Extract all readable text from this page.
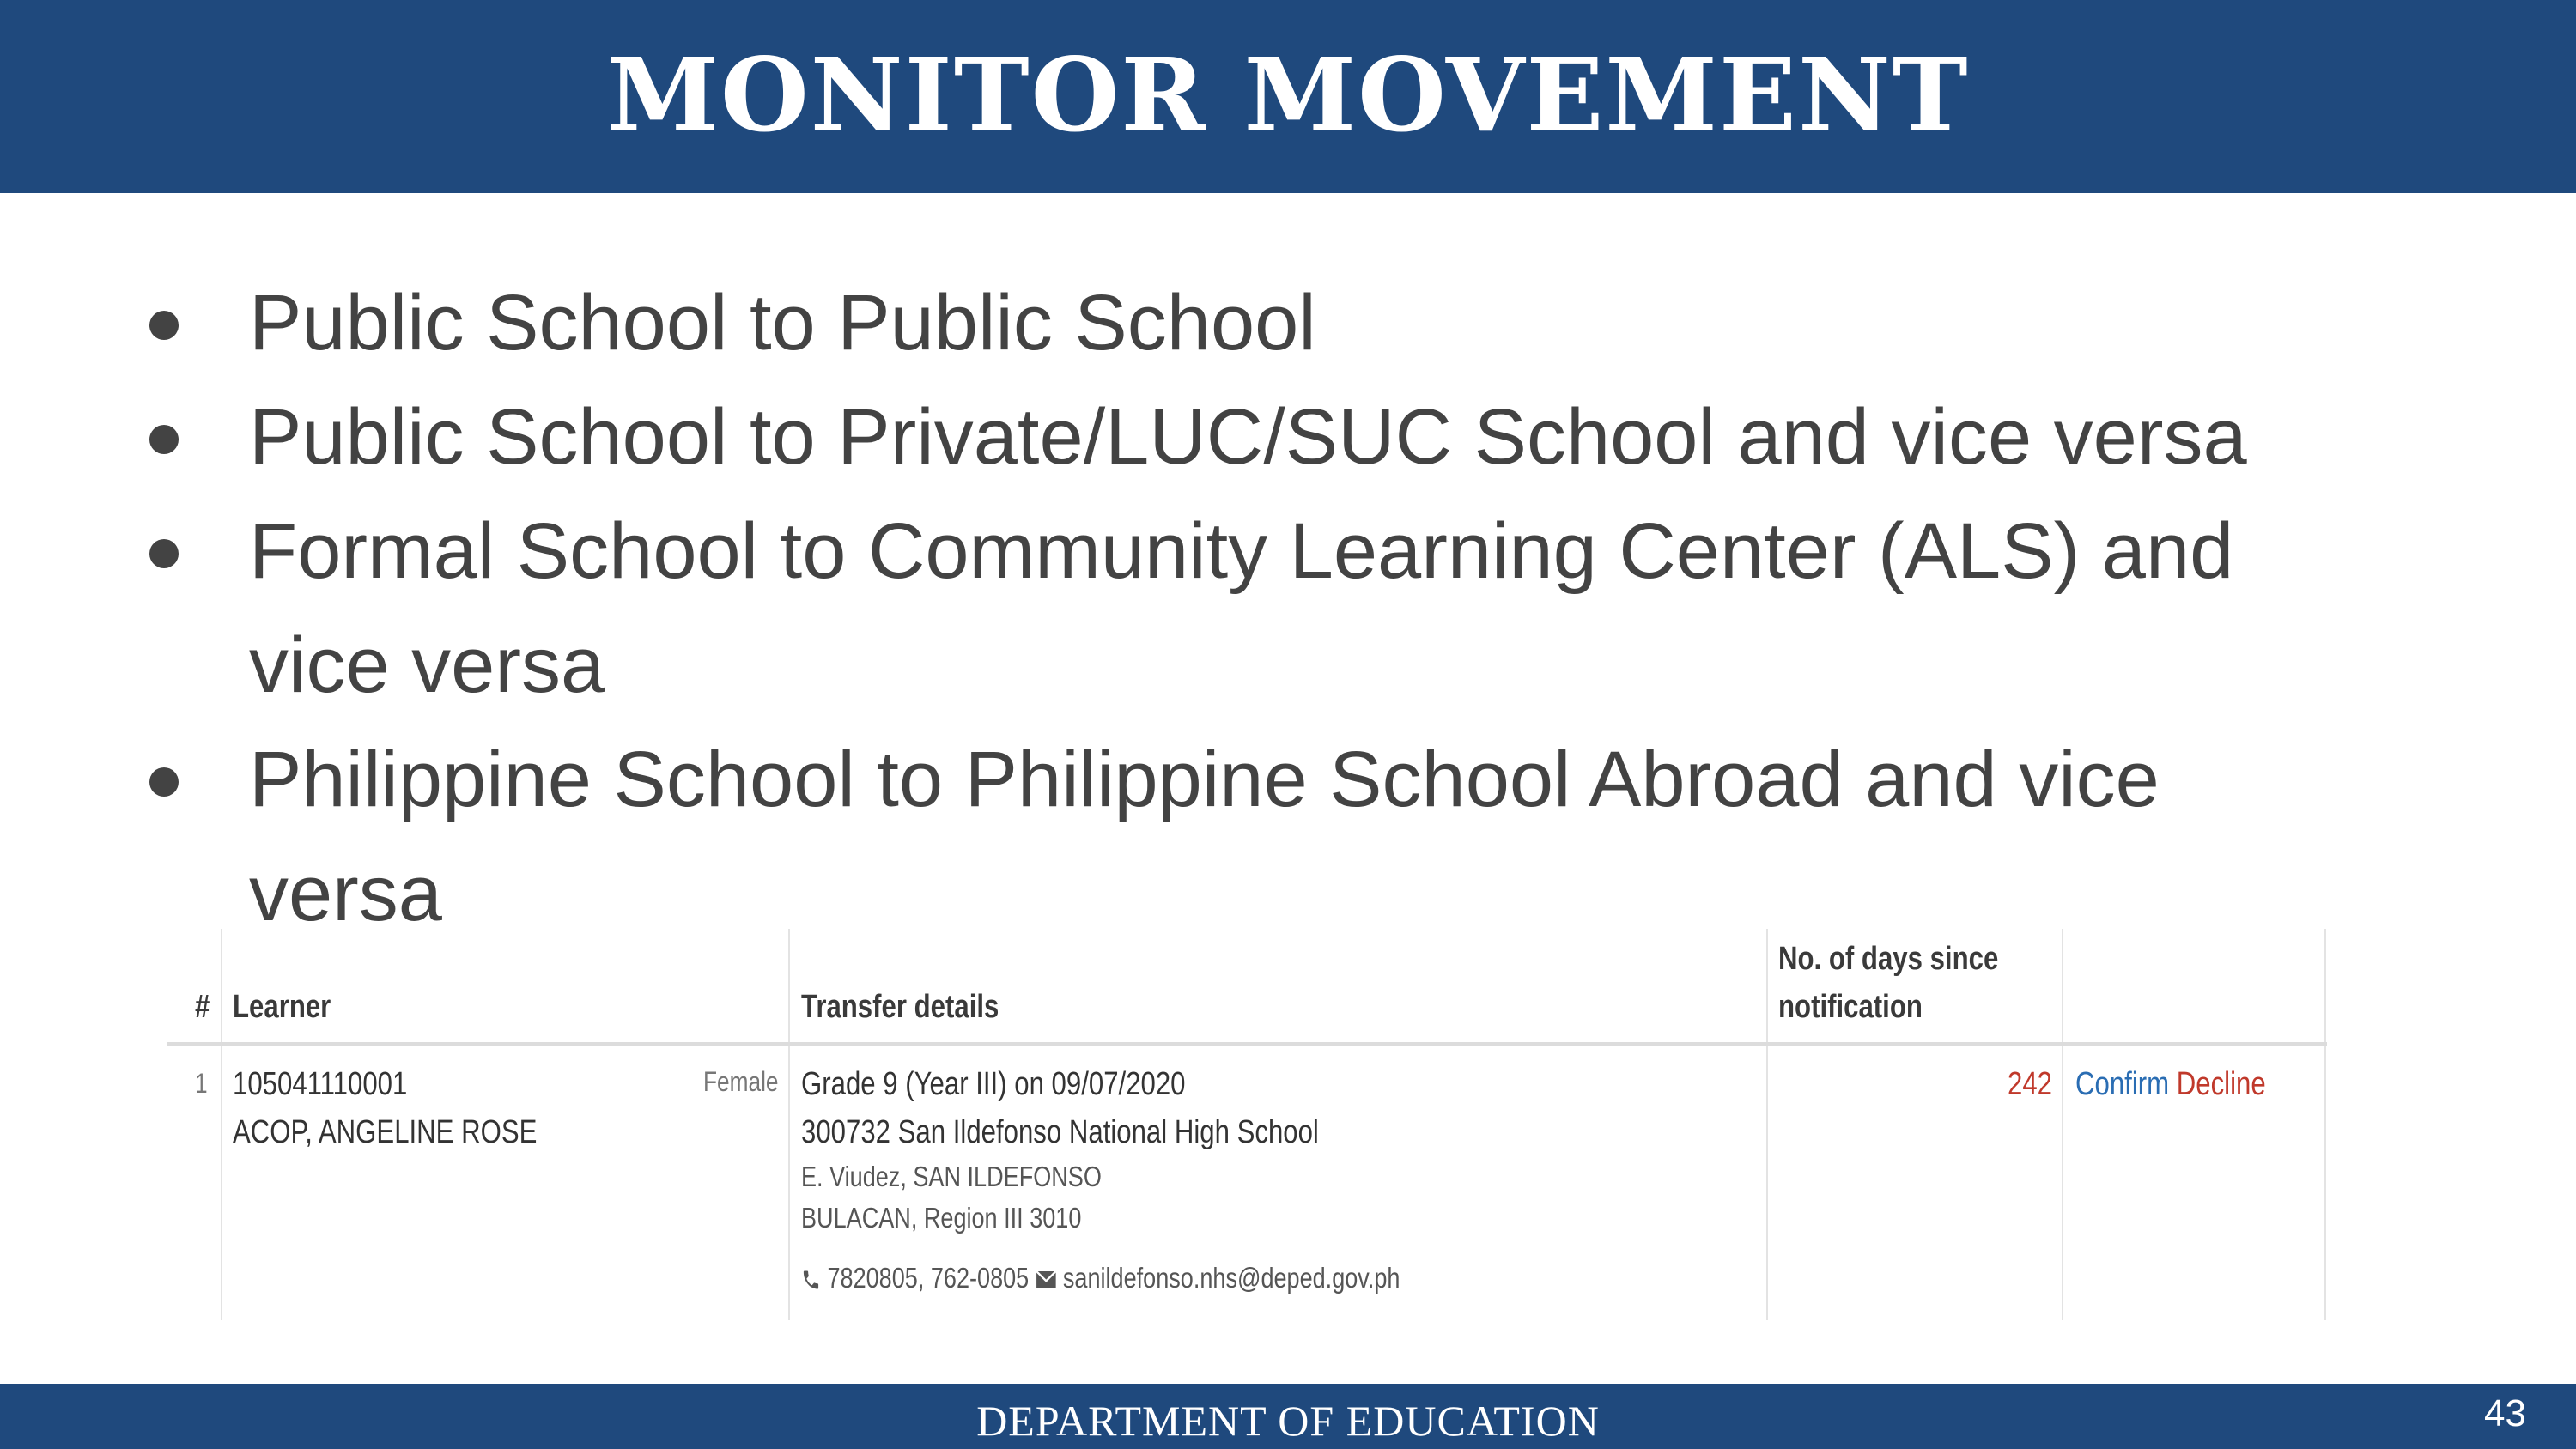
MONITOR MOVEMENT
Public School to Public School
Public School to Private/LUC/SUC School and vice versa
Formal School to Community Learning Center (ALS) and
vice versa
Philippine School to Philippine School Abroad and vice
versa
# Learner	Transfer details
No. of days since
notification
1 105041110001
ACOP, ANGELINE ROSE
Female Grade 9 (Year III) on 09/07/2020
300732 San Ildefonso National High School
E. Viudez, SAN ILDEFONSO
BULACAN, Region III 3010
7820805, 762-0805 sanildefonso.nhs@deped.gov.ph
242 Confirm Decline
DEPARTMENT OF EDUCATION	43
